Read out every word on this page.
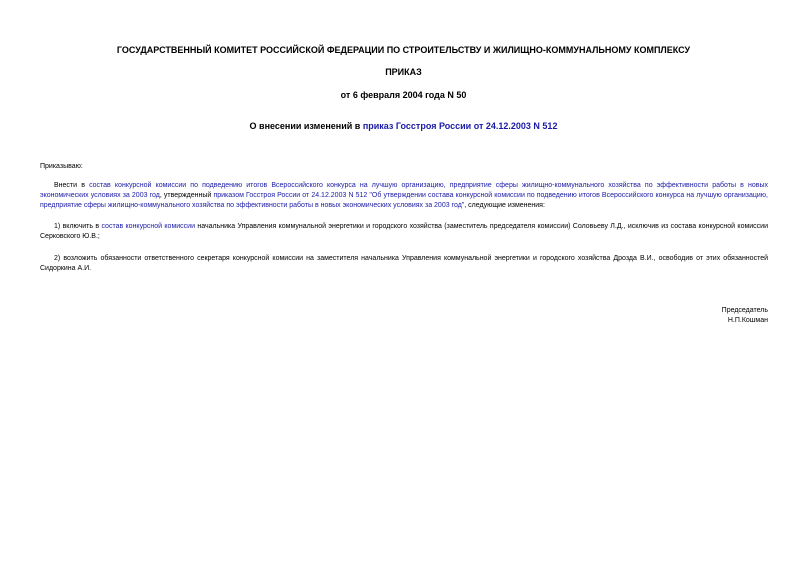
ГОСУДАРСТВЕННЫЙ КОМИТЕТ РОССИЙСКОЙ ФЕДЕРАЦИИ ПО СТРОИТЕЛЬСТВУ И ЖИЛИЩНО-КОММУНАЛЬНОМУ КОМПЛЕКСУ
ПРИКАЗ
от 6 февраля 2004 года N 50
О внесении изменений в приказ Госстроя России от 24.12.2003 N 512
Приказываю:
Внести в состав конкурсной комиссии по подведению итогов Всероссийского конкурса на лучшую организацию, предприятие сферы жилищно-коммунального хозяйства по эффективности работы в новых экономических условиях за 2003 год, утвержденный приказом Госстроя России от 24.12.2003 N 512 "Об утверждении состава конкурсной комиссии по подведению итогов Всероссийского конкурса на лучшую организацию, предприятие сферы жилищно-коммунального хозяйства по эффективности работы в новых экономических условиях за 2003 год", следующие изменения:
1) включить в состав конкурсной комиссии начальника Управления коммунальной энергетики и городского хозяйства (заместитель председателя комиссии) Соловьеву Л.Д., исключив из состава конкурсной комиссии Серковского Ю.В.;
2) возложить обязанности ответственного секретаря конкурсной комиссии на заместителя начальника Управления коммунальной энергетики и городского хозяйства Дрозда В.И., освободив от этих обязанностей Сидоркина А.И.
Председатель
Н.П.Кошман
